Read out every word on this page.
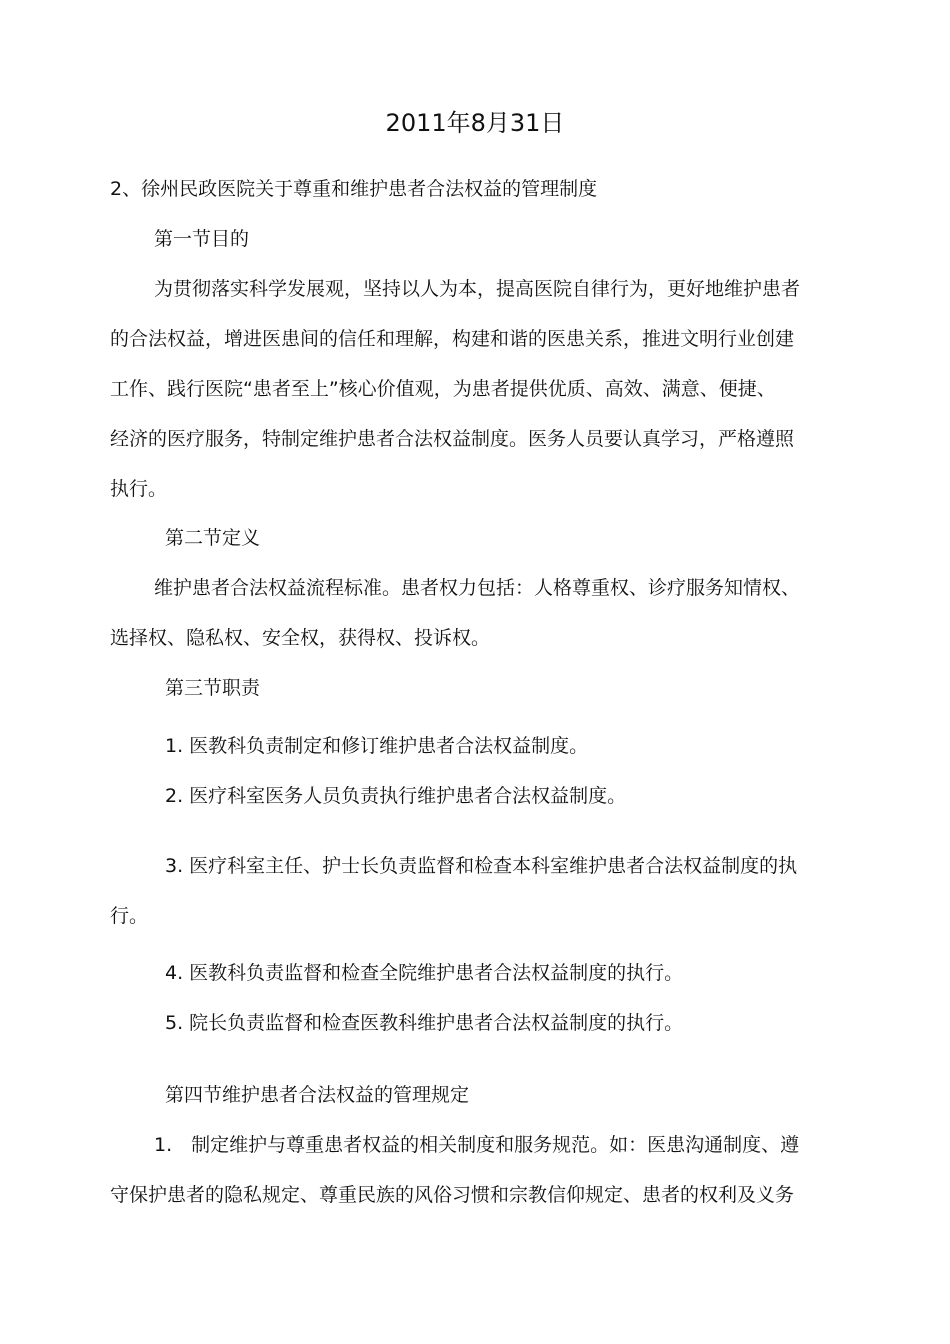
2011年8月31日
2、徐州民政医院关于尊重和维护患者合法权益的管理制度
第一节目的
为贯彻落实科学发展观，坚持以人为本，提高医院自律行为，更好地维护患者
的合法权益，增进医患间的信任和理解，构建和谐的医患关系，推进文明行业创建
工作、践行医院“患者至上”核心价值观，为患者提供优质、高效、满意、便捷、
经济的医疗服务，特制定维护患者合法权益制度。医务人员要认真学习，严格遵照
执行。
第二节定义
维护患者合法权益流程标准。患者权力包括：人格尊重权、诊疗服务知情权、
选择权、隐私权、安全权，获得权、投诉权。
第三节职责
1. 医教科负责制定和修订维护患者合法权益制度。
2. 医疗科室医务人员负责执行维护患者合法权益制度。
3. 医疗科室主任、护士长负责监督和检查本科室维护患者合法权益制度的执
行。
4. 医教科负责监督和检查全院维护患者合法权益制度的执行。
5. 院长负责监督和检查医教科维护患者合法权益制度的执行。
第四节维护患者合法权益的管理规定
1.　制定维护与尊重患者权益的相关制度和服务规范。如：医患沟通制度、遵
守保护患者的隐私规定、尊重民族的风俗习惯和宗教信仰规定、患者的权利及义务
